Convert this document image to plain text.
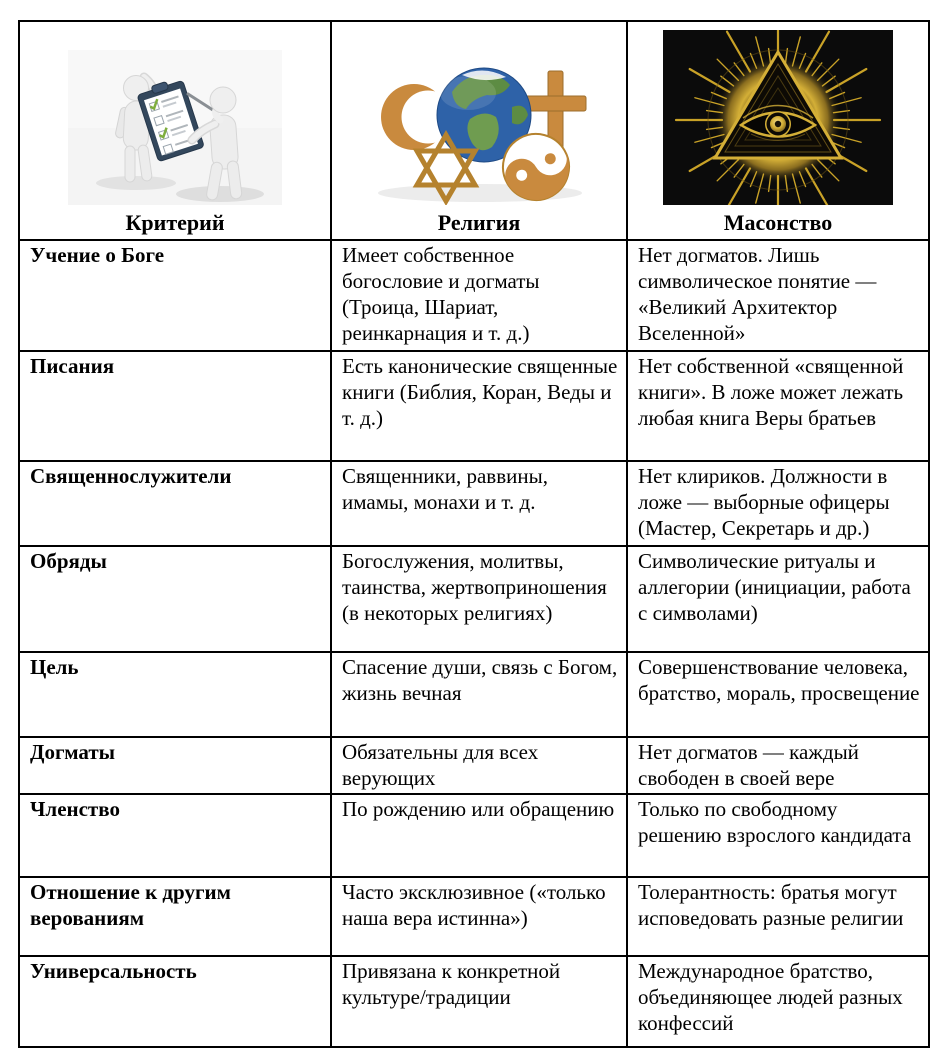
Критерий	Религия	Масонство

Учение о Боге	Имеет собственное богословие и догматы (Троица, Шариат, реинкарнация и т. д.)	Нет догматов. Лишь символическое понятие — «Великий Архитектор Вселенной»
Писания	Есть канонические священные книги (Библия, Коран, Веды и т. д.)	Нет собственной «священной книги». В ложе может лежать любая книга Веры братьев
Священнослужители	Священники, раввины, имамы, монахи и т. д.	Нет клириков. Должности в ложе — выборные офицеры (Мастер, Секретарь и др.)
Обряды	Богослужения, молитвы, таинства, жертвоприношения (в некоторых религиях)	Символические ритуалы и аллегории (инициации, работа с символами)
Цель	Спасение души, связь с Богом, жизнь вечная	Совершенствование человека, братство, мораль, просвещение
Догматы	Обязательны для всех верующих	Нет догматов — каждый свободен в своей вере
Членство	По рождению или обращению	Только по свободному решению взрослого кандидата
Отношение к другим верованиям	Часто эксклюзивное («только наша вера истинна»)	Толерантность: братья могут исповедовать разные религии
Универсальность	Привязана к конкретной культуре/традиции	Международное братство, объединяющее людей разных конфессий
